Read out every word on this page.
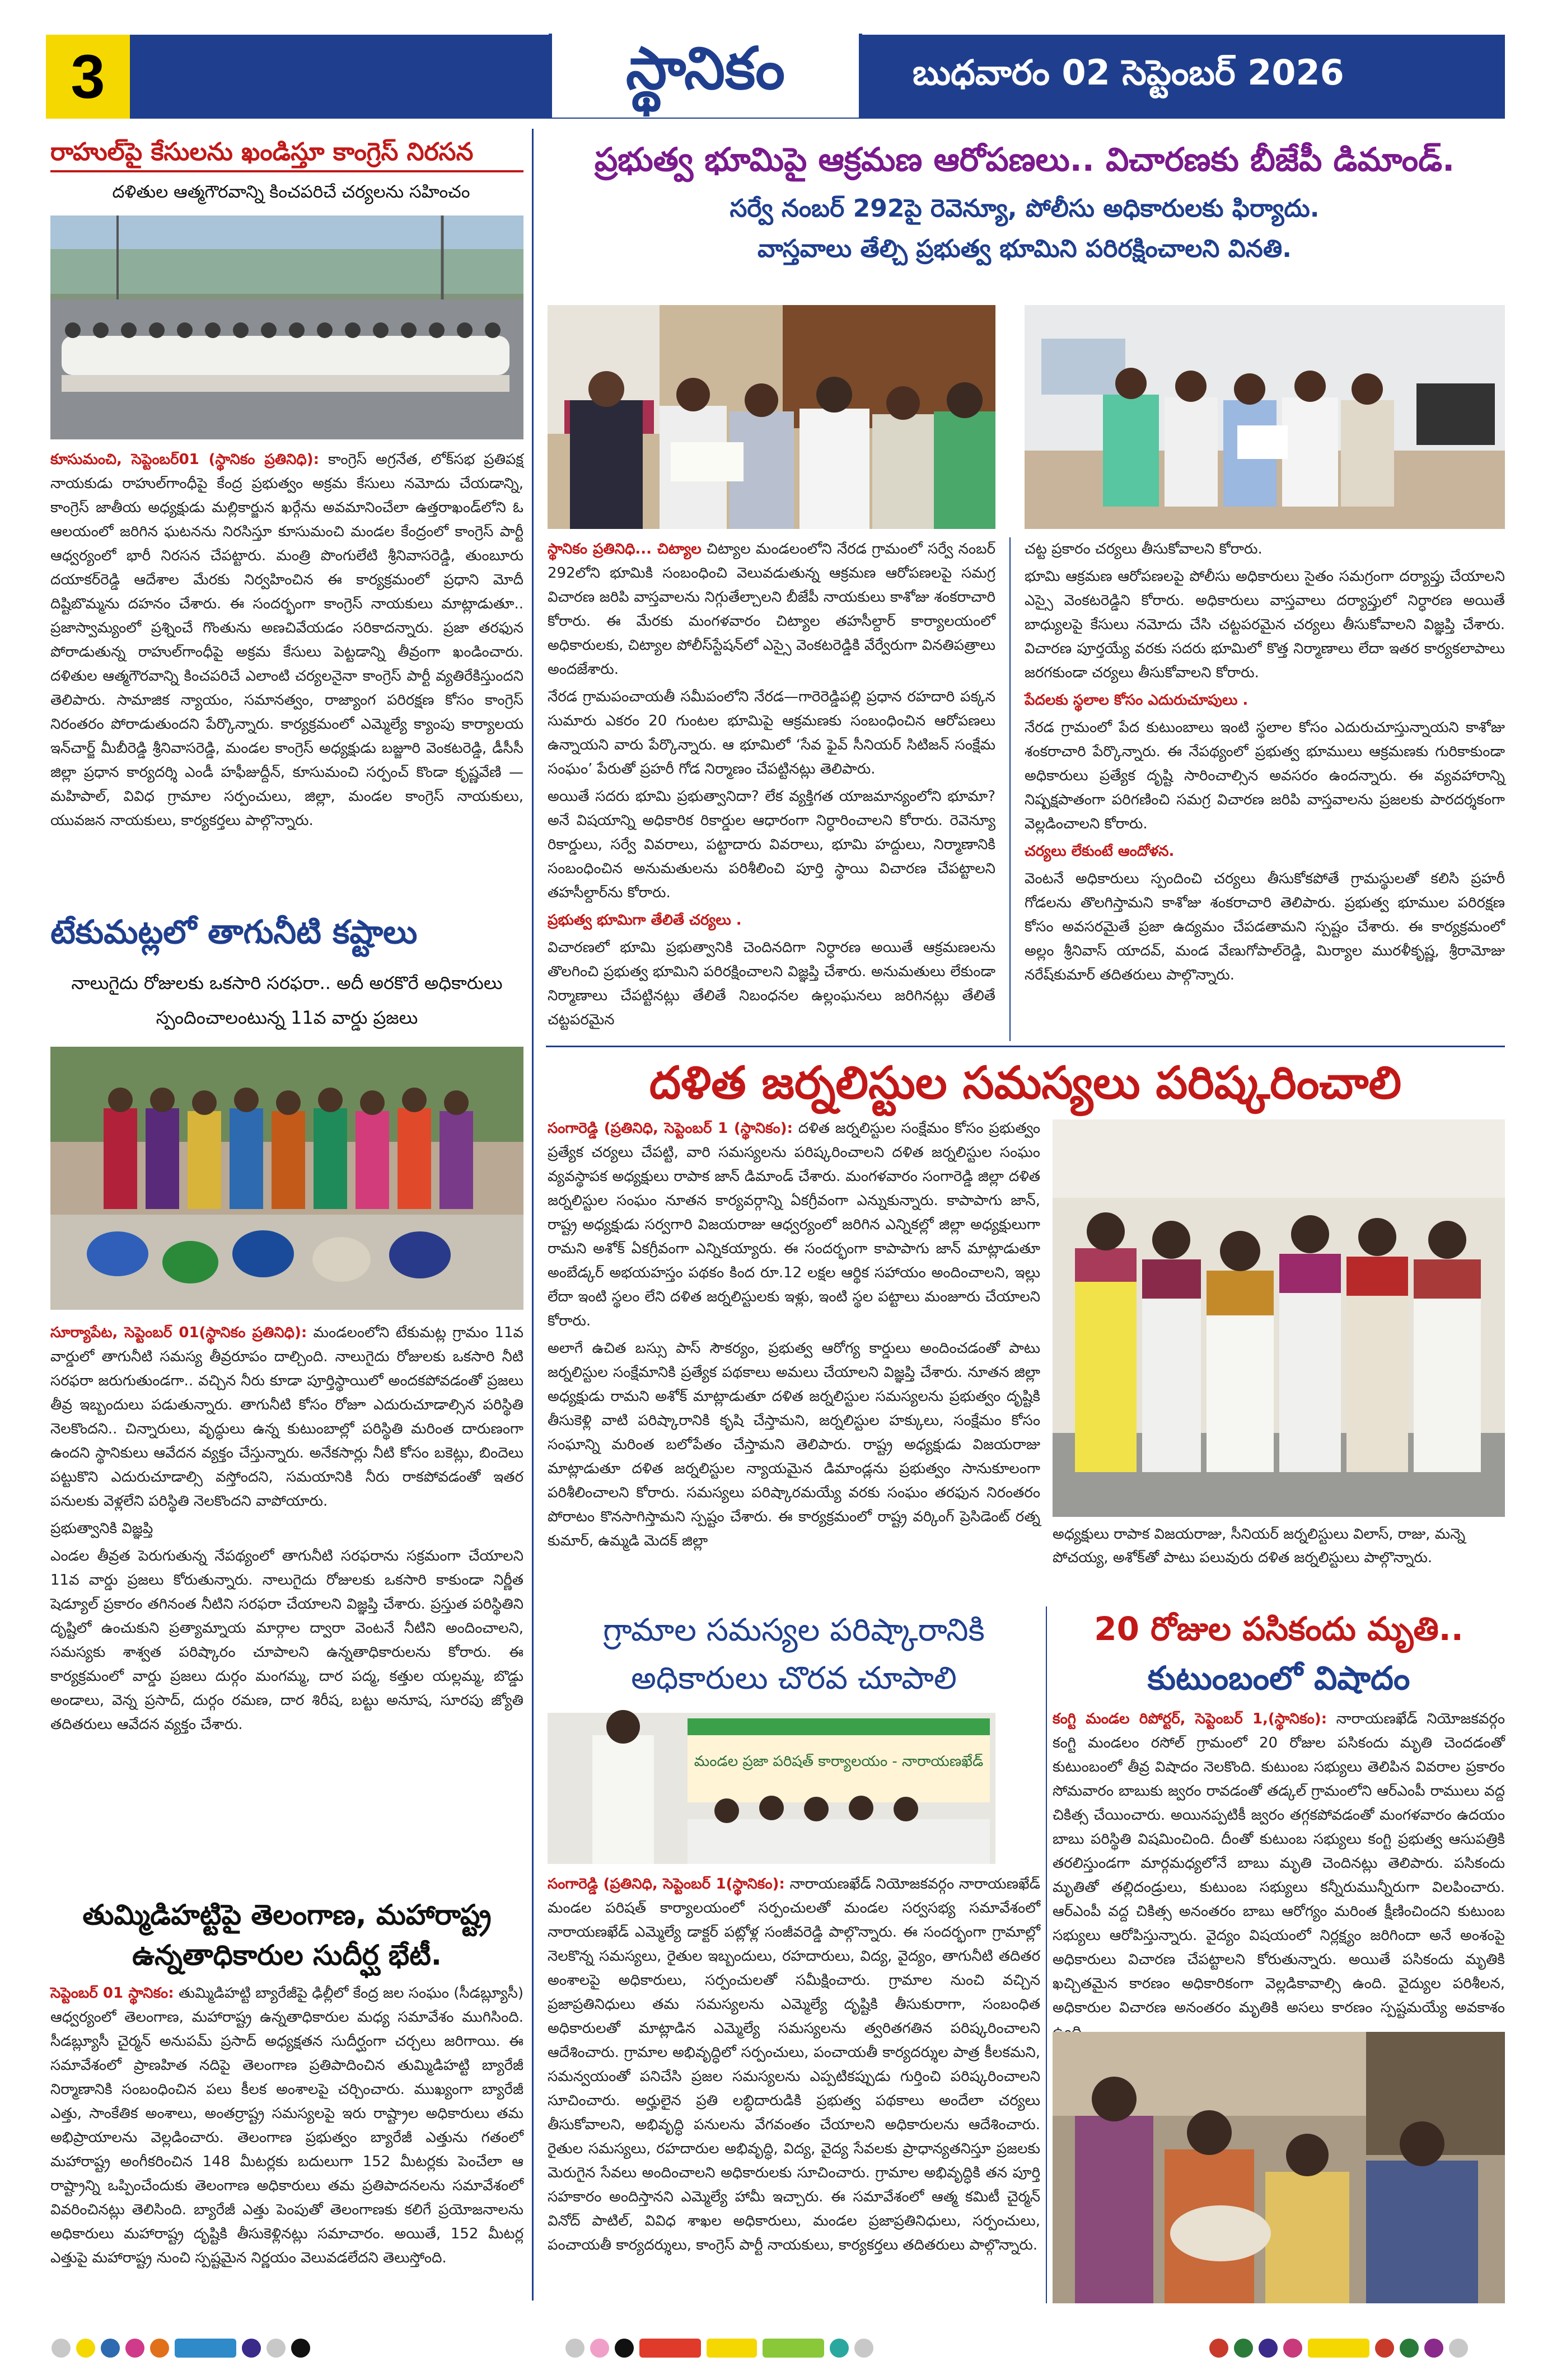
3	స్థానికం	బుధవారం 02 సెప్టెంబర్ 2026
రాహుల్‌పై కేసులను ఖండిస్తూ కాంగ్రెస్ నిరసన
దళితుల ఆత్మగౌరవాన్ని కించపరిచే చర్యలను సహించం

కూసుమంచి, సెప్టెంబర్01 (స్థానికం ప్రతినిధి): కాంగ్రెస్ అగ్రనేత, లోక్‌సభ ప్రతిపక్ష నాయకుడు రాహుల్‌గాంధీపై కేంద్ర ప్రభుత్వం అక్రమ కేసులు నమోదు చేయడాన్ని, కాంగ్రెస్ జాతీయ అధ్యక్షుడు మల్లికార్జున ఖర్గేను అవమానించేలా ఉత్తరాఖండ్‌లోని ఓ ఆలయంలో జరిగిన ఘటనను నిరసిస్తూ కూసుమంచి మండల కేంద్రంలో కాంగ్రెస్ పార్టీ ఆధ్వర్యంలో భారీ నిరసన చేపట్టారు. మంత్రి పొంగులేటి శ్రీనివాసరెడ్డి, తుంబూరు దయాకర్‌రెడ్డి ఆదేశాల మేరకు నిర్వహించిన ఈ కార్యక్రమంలో ప్రధాని మోదీ దిష్టిబొమ్మను దహనం చేశారు. ఈ సందర్భంగా కాంగ్రెస్ నాయకులు మాట్లాడుతూ.. ప్రజాస్వామ్యంలో ప్రశ్నించే గొంతును అణచివేయడం సరికాదన్నారు. ప్రజా తరఫున పోరాడుతున్న రాహుల్‌గాంధీపై అక్రమ కేసులు పెట్టడాన్ని తీవ్రంగా ఖండించారు. దళితుల ఆత్మగౌరవాన్ని కించపరిచే ఎలాంటి చర్యలనైనా కాంగ్రెస్ పార్టీ వ్యతిరేకిస్తుందని తెలిపారు. సామాజిక న్యాయం, సమానత్వం, రాజ్యాంగ పరిరక్షణ కోసం కాంగ్రెస్ నిరంతరం పోరాడుతుందని పేర్కొన్నారు. కార్యక్రమంలో ఎమ్మెల్యే క్యాంపు కార్యాలయ ఇన్‌చార్జ్ మీబీరెడ్డి శ్రీనివాసరెడ్డి, మండల కాంగ్రెస్ అధ్యక్షుడు బజ్జూరి వెంకటరెడ్డి, డీసీసీ జిల్లా ప్రధాన కార్యదర్శి ఎండీ హఫీజుద్దీన్, కూసుమంచి సర్పంచ్ కొండా కృష్ణవేణి — మహిపాల్, వివిధ గ్రామాల సర్పంచులు, జిల్లా, మండల కాంగ్రెస్ నాయకులు, యువజన నాయకులు, కార్యకర్తలు పాల్గొన్నారు.

టేకుమట్లలో తాగునీటి కష్టాలు
నాలుగైదు రోజులకు ఒకసారి సరఫరా.. అదీ అరకొరే అధికారులు స్పందించాలంటున్న 11వ వార్డు ప్రజలు

సూర్యాపేట, సెప్టెంబర్ 01(స్థానికం ప్రతినిధి): మండలంలోని టేకుమట్ల గ్రామం 11వ వార్డులో తాగునీటి సమస్య తీవ్రరూపం దాల్చింది. నాలుగైదు రోజులకు ఒకసారి నీటి సరఫరా జరుగుతుండగా.. వచ్చిన నీరు కూడా పూర్తిస్థాయిలో అందకపోవడంతో ప్రజలు తీవ్ర ఇబ్బందులు పడుతున్నారు. తాగునీటి కోసం రోజూ ఎదురుచూడాల్సిన పరిస్థితి నెలకొందని.. చిన్నారులు, వృద్ధులు ఉన్న కుటుంబాల్లో పరిస్థితి మరింత దారుణంగా ఉందని స్థానికులు ఆవేదన వ్యక్తం చేస్తున్నారు. అనేకసార్లు నీటి కోసం బకెట్లు, బిందెలు పట్టుకొని ఎదురుచూడాల్సి వస్తోందని, సమయానికి నీరు రాకపోవడంతో ఇతర పనులకు వెళ్లలేని పరిస్థితి నెలకొందని వాపోయారు.

ప్రభుత్వానికి విజ్ఞప్తి

ఎండల తీవ్రత పెరుగుతున్న నేపథ్యంలో తాగునీటి సరఫరాను సక్రమంగా చేయాలని 11వ వార్డు ప్రజలు కోరుతున్నారు. నాలుగైదు రోజులకు ఒకసారి కాకుండా నిర్ణీత షెడ్యూల్ ప్రకారం తగినంత నీటిని సరఫరా చేయాలని విజ్ఞప్తి చేశారు. ప్రస్తుత పరిస్థితిని దృష్టిలో ఉంచుకుని ప్రత్యామ్నాయ మార్గాల ద్వారా వెంటనే నీటిని అందించాలని, సమస్యకు శాశ్వత పరిష్కారం చూపాలని ఉన్నతాధికారులను కోరారు. ఈ కార్యక్రమంలో వార్డు ప్రజలు దుర్గం మంగమ్మ, దార పద్మ, కత్తుల యల్లమ్మ, బొడ్డు అండాలు, వెన్న ప్రసాద్, దుర్గం రమణ, దార శిరీష, బట్టు అనూష, సూరపు జ్యోతి తదితరులు ఆవేదన వ్యక్తం చేశారు.

తుమ్మిడిహట్టిపై తెలంగాణ, మహారాష్ట్ర ఉన్నతాధికారుల సుదీర్ఘ భేటీ.

సెప్టెంబర్ 01 స్థానికం: తుమ్మిడిహట్టి బ్యారేజీపై ఢిల్లీలో కేంద్ర జల సంఘం (సీడబ్ల్యూసీ) ఆధ్వర్యంలో తెలంగాణ, మహారాష్ట్ర ఉన్నతాధికారుల మధ్య సమావేశం ముగిసింది. సీడబ్ల్యూసీ చైర్మన్ అనుపమ్ ప్రసాద్ అధ్యక్షతన సుదీర్ఘంగా చర్చలు జరిగాయి. ఈ సమావేశంలో ప్రాణహిత నదిపై తెలంగాణ ప్రతిపాదించిన తుమ్మిడిహట్టి బ్యారేజీ నిర్మాణానికి సంబంధించిన పలు కీలక అంశాలపై చర్చించారు. ముఖ్యంగా బ్యారేజీ ఎత్తు, సాంకేతిక అంశాలు, అంతర్రాష్ట్ర సమస్యలపై ఇరు రాష్ట్రాల అధికారులు తమ అభిప్రాయాలను వెల్లడించారు. తెలంగాణ ప్రభుత్వం బ్యారేజీ ఎత్తును గతంలో మహారాష్ట్ర అంగీకరించిన 148 మీటర్లకు బదులుగా 152 మీటర్లకు పెంచేలా ఆ రాష్ట్రాన్ని ఒప్పించేందుకు తెలంగాణ అధికారులు తమ ప్రతిపాదనలను సమావేశంలో వివరించినట్లు తెలిసింది. బ్యారేజీ ఎత్తు పెంపుతో తెలంగాణకు కలిగే ప్రయోజనాలను అధికారులు మహారాష్ట్ర దృష్టికి తీసుకెళ్లినట్లు సమాచారం. అయితే, 152 మీటర్ల ఎత్తుపై మహారాష్ట్ర నుంచి స్పష్టమైన నిర్ణయం వెలువడలేదని తెలుస్తోంది.

ప్రభుత్వ భూమిపై ఆక్రమణ ఆరోపణలు.. విచారణకు బీజేపీ డిమాండ్.
సర్వే నంబర్ 292పై రెవెన్యూ, పోలీసు అధికారులకు ఫిర్యాదు.
వాస్తవాలు తేల్చి ప్రభుత్వ భూమిని పరిరక్షించాలని వినతి.

స్థానికం ప్రతినిధి... చిట్యాల చిట్యాల మండలంలోని నేరడ గ్రామంలో సర్వే నంబర్ 292లోని భూమికి సంబంధించి వెలువడుతున్న ఆక్రమణ ఆరోపణలపై సమగ్ర విచారణ జరిపి వాస్తవాలను నిగ్గుతేల్చాలని బీజేపీ నాయకులు కాశోజు శంకరాచారి కోరారు. ఈ మేరకు మంగళవారం చిట్యాల తహసీల్దార్ కార్యాలయంలో అధికారులకు, చిట్యాల పోలీస్‌స్టేషన్‌లో ఎస్సై వెంకటరెడ్డికి వేర్వేరుగా వినతిపత్రాలు అందజేశారు.

నేరడ గ్రామపంచాయతీ సమీపంలోని నేరడ—గారెరెడ్డిపల్లి ప్రధాన రహదారి పక్కన సుమారు ఎకరం 20 గుంటల భూమిపై ఆక్రమణకు సంబంధించిన ఆరోపణలు ఉన్నాయని వారు పేర్కొన్నారు. ఆ భూమిలో ‘సేవ ఫైవ్ సీనియర్ సిటిజన్ సంక్షేమ సంఘం’ పేరుతో ప్రహరీ గోడ నిర్మాణం చేపట్టినట్లు తెలిపారు.

అయితే సదరు భూమి ప్రభుత్వానిదా? లేక వ్యక్తిగత యాజమాన్యంలోని భూమా? అనే విషయాన్ని అధికారిక రికార్డుల ఆధారంగా నిర్ధారించాలని కోరారు. రెవెన్యూ రికార్డులు, సర్వే వివరాలు, పట్టాదారు వివరాలు, భూమి హద్దులు, నిర్మాణానికి సంబంధించిన అనుమతులను పరిశీలించి పూర్తి స్థాయి విచారణ చేపట్టాలని తహసీల్దార్‌ను కోరారు.

ప్రభుత్వ భూమిగా తేలితే చర్యలు .

విచారణలో భూమి ప్రభుత్వానికి చెందినదిగా నిర్ధారణ అయితే ఆక్రమణలను తొలగించి ప్రభుత్వ భూమిని పరిరక్షించాలని విజ్ఞప్తి చేశారు. అనుమతులు లేకుండా నిర్మాణాలు చేపట్టినట్లు తేలితే నిబంధనల ఉల్లంఘనలు జరిగినట్లు తేలితే చట్టపరమైన

చట్ట ప్రకారం చర్యలు తీసుకోవాలని కోరారు.

భూమి ఆక్రమణ ఆరోపణలపై పోలీసు అధికారులు సైతం సమగ్రంగా దర్యాప్తు చేయాలని ఎస్సై వెంకటరెడ్డిని కోరారు. అధికారులు వాస్తవాలు దర్యాప్తులో నిర్ధారణ అయితే బాధ్యులపై కేసులు నమోదు చేసి చట్టపరమైన చర్యలు తీసుకోవాలని విజ్ఞప్తి చేశారు. విచారణ పూర్తయ్యే వరకు సదరు భూమిలో కొత్త నిర్మాణాలు లేదా ఇతర కార్యకలాపాలు జరగకుండా చర్యలు తీసుకోవాలని కోరారు.

పేదలకు స్థలాల కోసం ఎదురుచూపులు .

నేరడ గ్రామంలో పేద కుటుంబాలు ఇంటి స్థలాల కోసం ఎదురుచూస్తున్నాయని కాశోజు శంకరాచారి పేర్కొన్నారు. ఈ నేపథ్యంలో ప్రభుత్వ భూములు ఆక్రమణకు గురికాకుండా అధికారులు ప్రత్యేక దృష్టి సారించాల్సిన అవసరం ఉందన్నారు. ఈ వ్యవహారాన్ని నిష్పక్షపాతంగా పరిగణించి సమగ్ర విచారణ జరిపి వాస్తవాలను ప్రజలకు పారదర్శకంగా వెల్లడించాలని కోరారు.

చర్యలు లేకుంటే ఆందోళన.

వెంటనే అధికారులు స్పందించి చర్యలు తీసుకోకపోతే గ్రామస్థులతో కలిసి ప్రహరీ గోడలను తొలగిస్తామని కాశోజు శంకరాచారి తెలిపారు. ప్రభుత్వ భూముల పరిరక్షణ కోసం అవసరమైతే ప్రజా ఉద్యమం చేపడతామని స్పష్టం చేశారు. ఈ కార్యక్రమంలో అల్లం శ్రీనివాస్ యాదవ్, మండ వేణుగోపాల్‌రెడ్డి, మిర్యాల మురళీకృష్ణ, శ్రీరామోజు నరేష్‌కుమార్ తదితరులు పాల్గొన్నారు.

దళిత జర్నలిస్టుల సమస్యలు పరిష్కరించాలి

సంగారెడ్డి (ప్రతినిధి, సెప్టెంబర్ 1 (స్థానికం): దళిత జర్నలిస్టుల సంక్షేమం కోసం ప్రభుత్వం ప్రత్యేక చర్యలు చేపట్టి, వారి సమస్యలను పరిష్కరించాలని దళిత జర్నలిస్టుల సంఘం వ్యవస్థాపక అధ్యక్షులు రాపాక జాన్ డిమాండ్ చేశారు. మంగళవారం సంగారెడ్డి జిల్లా దళిత జర్నలిస్టుల సంఘం నూతన కార్యవర్గాన్ని ఏకగ్రీవంగా ఎన్నుకున్నారు. కాపాపాగు జాన్, రాష్ట్ర అధ్యక్షుడు సర్వగారి విజయరాజు ఆధ్వర్యంలో జరిగిన ఎన్నికల్లో జిల్లా అధ్యక్షులుగా రామని అశోక్ ఏకగ్రీవంగా ఎన్నికయ్యారు. ఈ సందర్భంగా కాపాపాగు జాన్ మాట్లాడుతూ అంబేడ్కర్ అభయహస్తం పథకం కింద రూ.12 లక్షల ఆర్థిక సహాయం అందించాలని, ఇల్లు లేదా ఇంటి స్థలం లేని దళిత జర్నలిస్టులకు ఇళ్లు, ఇంటి స్థల పట్టాలు మంజూరు చేయాలని కోరారు.

అలాగే ఉచిత బస్సు పాస్ సౌకర్యం, ప్రభుత్వ ఆరోగ్య కార్డులు అందించడంతో పాటు జర్నలిస్టుల సంక్షేమానికి ప్రత్యేక పథకాలు అమలు చేయాలని విజ్ఞప్తి చేశారు. నూతన జిల్లా అధ్యక్షుడు రామని అశోక్ మాట్లాడుతూ దళిత జర్నలిస్టుల సమస్యలను ప్రభుత్వం దృష్టికి తీసుకెళ్లి వాటి పరిష్కారానికి కృషి చేస్తామని, జర్నలిస్టుల హక్కులు, సంక్షేమం కోసం సంఘాన్ని మరింత బలోపేతం చేస్తామని తెలిపారు. రాష్ట్ర అధ్యక్షుడు విజయరాజు మాట్లాడుతూ దళిత జర్నలిస్టుల న్యాయమైన డిమాండ్లను ప్రభుత్వం సానుకూలంగా పరిశీలించాలని కోరారు. సమస్యలు పరిష్కారమయ్యే వరకు సంఘం తరఫున నిరంతరం పోరాటం కొనసాగిస్తామని స్పష్టం చేశారు. ఈ కార్యక్రమంలో రాష్ట్ర వర్కింగ్ ప్రెసిడెంట్ రత్న కుమార్, ఉమ్మడి మెదక్ జిల్లా	అధ్యక్షులు రాపాక విజయరాజు, సీనియర్ జర్నలిస్టులు విలాస్, రాజు, మన్నె పోచయ్య, అశోక్‌తో పాటు పలువురు దళిత జర్నలిస్టులు పాల్గొన్నారు.
గ్రామాల సమస్యల పరిష్కారానికి అధికారులు చొరవ చూపాలి
మండల ప్రజా పరిషత్ కార్యాలయం - నారాయణఖేడ్

సంగారెడ్డి (ప్రతినిధి, సెప్టెంబర్ 1(స్థానికం): నారాయణఖేడ్ నియోజకవర్గం నారాయణఖేడ్ మండల పరిషత్ కార్యాలయంలో సర్పంచులతో మండల సర్వసభ్య సమావేశంలో నారాయణఖేడ్ ఎమ్మెల్యే డాక్టర్ పట్లోళ్ల సంజీవరెడ్డి పాల్గొన్నారు. ఈ సందర్భంగా గ్రామాల్లో నెలకొన్న సమస్యలు, రైతుల ఇబ్బందులు, రహదారులు, విద్య, వైద్యం, తాగునీటి తదితర అంశాలపై అధికారులు, సర్పంచులతో సమీక్షించారు. గ్రామాల నుంచి వచ్చిన ప్రజాప్రతినిధులు తమ సమస్యలను ఎమ్మెల్యే దృష్టికి తీసుకురాగా, సంబంధిత అధికారులతో మాట్లాడిన ఎమ్మెల్యే సమస్యలను త్వరితగతిన పరిష్కరించాలని ఆదేశించారు. గ్రామాల అభివృద్ధిలో సర్పంచులు, పంచాయతీ కార్యదర్శుల పాత్ర కీలకమని, సమన్వయంతో పనిచేసి ప్రజల సమస్యలను ఎప్పటికప్పుడు గుర్తించి పరిష్కరించాలని సూచించారు. అర్హులైన ప్రతి లబ్ధిదారుడికి ప్రభుత్వ పథకాలు అందేలా చర్యలు తీసుకోవాలని, అభివృద్ధి పనులను వేగవంతం చేయాలని అధికారులను ఆదేశించారు. రైతుల సమస్యలు, రహదారుల అభివృద్ధి, విద్య, వైద్య సేవలకు ప్రాధాన్యతనిస్తూ ప్రజలకు మెరుగైన సేవలు అందించాలని అధికారులకు సూచించారు. గ్రామాల అభివృద్ధికి తన పూర్తి సహకారం అందిస్తానని ఎమ్మెల్యే హామీ ఇచ్చారు. ఈ సమావేశంలో ఆత్మ కమిటీ చైర్మన్ వినోద్ పాటిల్, వివిధ శాఖల అధికారులు, మండల ప్రజాప్రతినిధులు, సర్పంచులు, పంచాయతీ కార్యదర్శులు, కాంగ్రెస్ పార్టీ నాయకులు, కార్యకర్తలు తదితరులు పాల్గొన్నారు.

20 రోజుల పసికందు మృతి..
కుటుంబంలో విషాదం

కంగ్టి మండల రిపోర్టర్, సెప్టెంబర్ 1,(స్థానికం): నారాయణఖేడ్ నియోజకవర్గం కంగ్టి మండలం రసోల్ గ్రామంలో 20 రోజుల పసికందు మృతి చెందడంతో కుటుంబంలో తీవ్ర విషాదం నెలకొంది. కుటుంబ సభ్యులు తెలిపిన వివరాల ప్రకారం సోమవారం బాబుకు జ్వరం రావడంతో తడ్కల్ గ్రామంలోని ఆర్‌ఎంపీ రాములు వద్ద చికిత్స చేయించారు. అయినప్పటికీ జ్వరం తగ్గకపోవడంతో మంగళవారం ఉదయం బాబు పరిస్థితి విషమించింది. దీంతో కుటుంబ సభ్యులు కంగ్టి ప్రభుత్వ ఆసుపత్రికి తరలిస్తుండగా మార్గమధ్యలోనే బాబు మృతి చెందినట్లు తెలిపారు. పసికందు మృతితో తల్లిదండ్రులు, కుటుంబ సభ్యులు కన్నీరుమున్నీరుగా విలపించారు. ఆర్‌ఎంపీ వద్ద చికిత్స అనంతరం బాబు ఆరోగ్యం మరింత క్షీణించిందని కుటుంబ సభ్యులు ఆరోపిస్తున్నారు. వైద్యం విషయంలో నిర్లక్ష్యం జరిగిందా అనే అంశంపై అధికారులు విచారణ చేపట్టాలని కోరుతున్నారు. అయితే పసికందు మృతికి ఖచ్చితమైన కారణం అధికారికంగా వెల్లడికావాల్సి ఉంది. వైద్యుల పరిశీలన, అధికారుల విచారణ అనంతరం మృతికి అసలు కారణం స్పష్టమయ్యే అవకాశం
